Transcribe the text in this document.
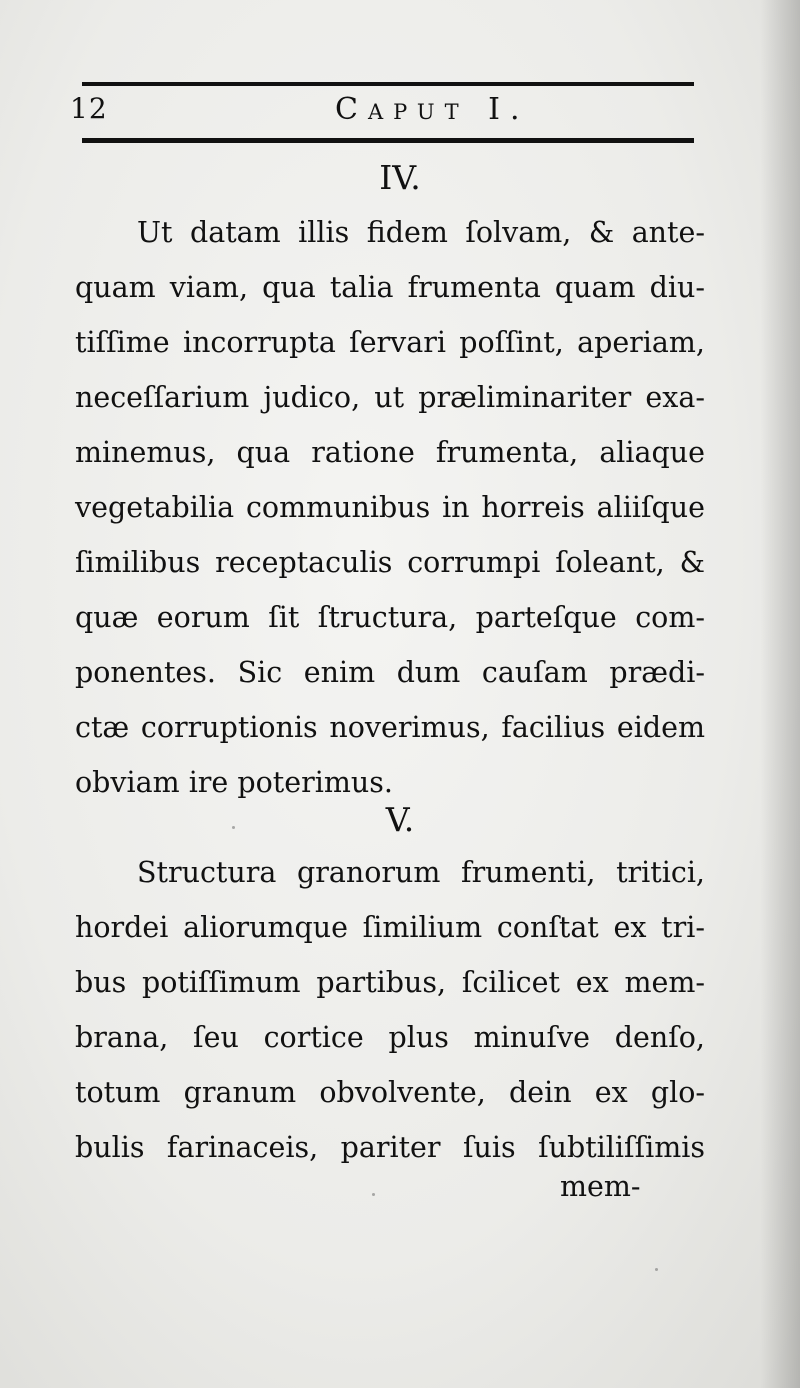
12	Caput I.
IV.
Ut datam illis fidem ſolvam, & ante-
quam viam, qua talia frumenta quam diu-
tiſſime incorrupta ſervari poſſint, aperiam,
neceſſarium judico, ut præliminariter exa-
minemus, qua ratione frumenta, aliaque
vegetabilia communibus in horreis aliiſque
ſimilibus receptaculis corrumpi ſoleant, &
quæ eorum ſit ſtructura, parteſque com-
ponentes. Sic enim dum cauſam prædi-
ctæ corruptionis noverimus, facilius eidem
obviam ire poterimus.
V.
Structura granorum frumenti, tritici,
hordei aliorumque ſimilium conſtat ex tri-
bus potiſſimum partibus, ſcilicet ex mem-
brana, ſeu cortice plus minuſve denſo,
totum granum obvolvente, dein ex glo-
bulis farinaceis, pariter ſuis ſubtiliſſimis
mem-
